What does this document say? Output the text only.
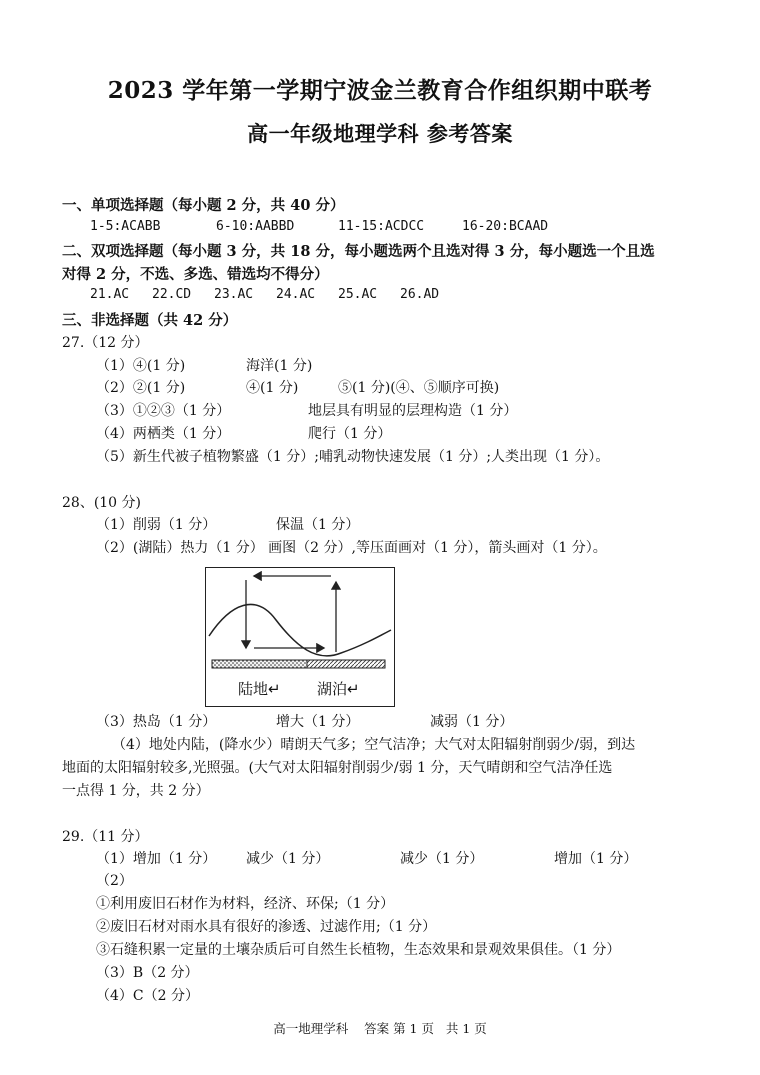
2023 学年第一学期宁波金兰教育合作组织期中联考
高一年级地理学科 参考答案
一、单项选择题（每小题 2 分，共 40 分）
1-5:ACABB	6-10:AABBD	11-15:ACDCC	16-20:BCAAD
二、双项选择题（每小题 3 分，共 18 分，每小题选两个且选对得 3 分，每小题选一个且选
对得 2 分，不选、多选、错选均不得分）
21.AC 22.CD 23.AC 24.AC 25.AC 26.AD
三、非选择题（共 42 分）
27.（12 分）
（1）④(1 分)	海洋(1 分)
（2）②(1 分)	④(1 分)	⑤(1 分)(④、⑤顺序可换)
（3）①②③（1 分）	地层具有明显的层理构造（1 分）
（4）两栖类（1 分）	爬行（1 分）
（5）新生代被子植物繁盛（1 分）;哺乳动物快速发展（1 分）;人类出现（1 分）。
28、(10 分)
（1）削弱（1 分）	保温（1 分）
（2）(湖陆）热力（1 分） 画图（2 分）,等压面画对（1 分），箭头画对（1 分）。
陆地↵ 湖泊↵
（3）热岛（1 分）	增大（1 分）	减弱（1 分）
（4）地处内陆，(降水少）晴朗天气多；空气洁净；大气对太阳辐射削弱少/弱，到达
地面的太阳辐射较多,光照强。(大气对太阳辐射削弱少/弱 1 分，天气晴朗和空气洁净任选
一点得 1 分，共 2 分）
29.（11 分）
（1）增加（1 分） 减少（1 分）	减少（1 分）	增加（1 分）
（2）
①利用废旧石材作为材料，经济、环保;（1 分）
②废旧石材对雨水具有很好的渗透、过滤作用;（1 分）
③石缝积累一定量的土壤杂质后可自然生长植物，生态效果和景观效果俱佳。（1 分）
（3）B（2 分）
（4）C（2 分）
高一地理学科    答案 第 1 页   共 1 页
